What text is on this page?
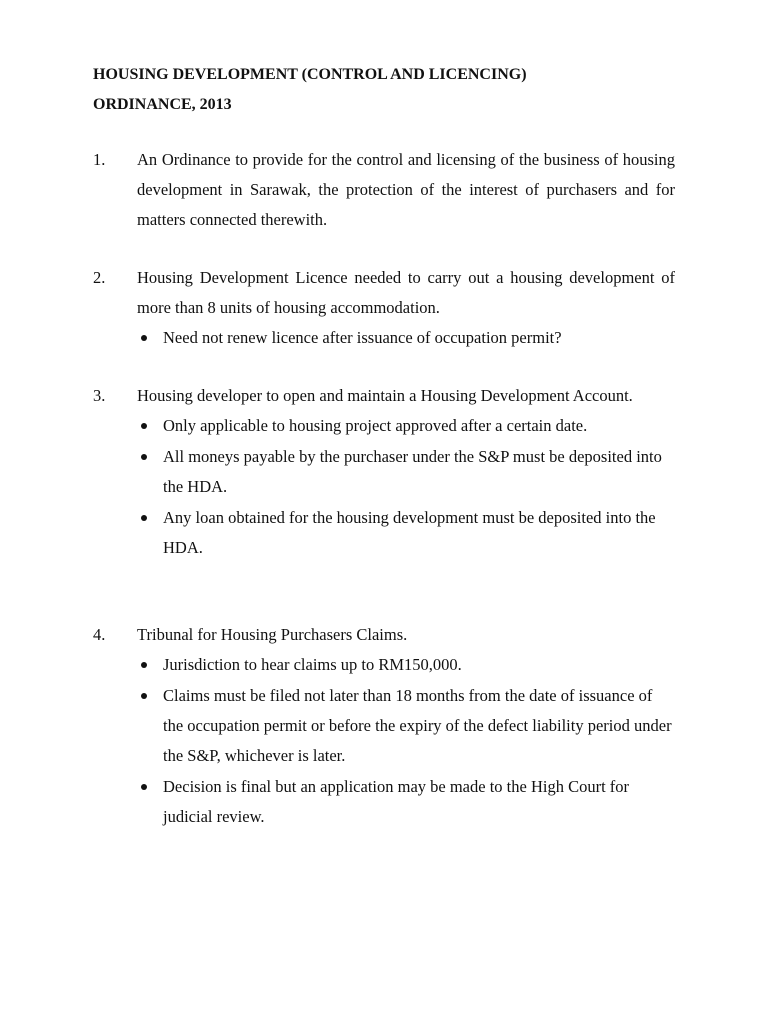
HOUSING DEVELOPMENT (CONTROL AND LICENCING)
ORDINANCE, 2013
1. An Ordinance to provide for the control and licensing of the business of housing development in Sarawak, the protection of the interest of purchasers and for matters connected therewith.

2. Housing Development Licence needed to carry out a housing development of more than 8 units of housing accommodation.

Need not renew licence after issuance of occupation permit?
3. Housing developer to open and maintain a Housing Development Account.

Only applicable to housing project approved after a certain date.
All moneys payable by the purchaser under the S&P must be deposited into the HDA.
Any loan obtained for the housing development must be deposited into the HDA.
4. Tribunal for Housing Purchasers Claims.

Jurisdiction to hear claims up to RM150,000.
Claims must be filed not later than 18 months from the date of issuance of the occupation permit or before the expiry of the defect liability period under the S&P, whichever is later.
Decision is final but an application may be made to the High Court for judicial review.
